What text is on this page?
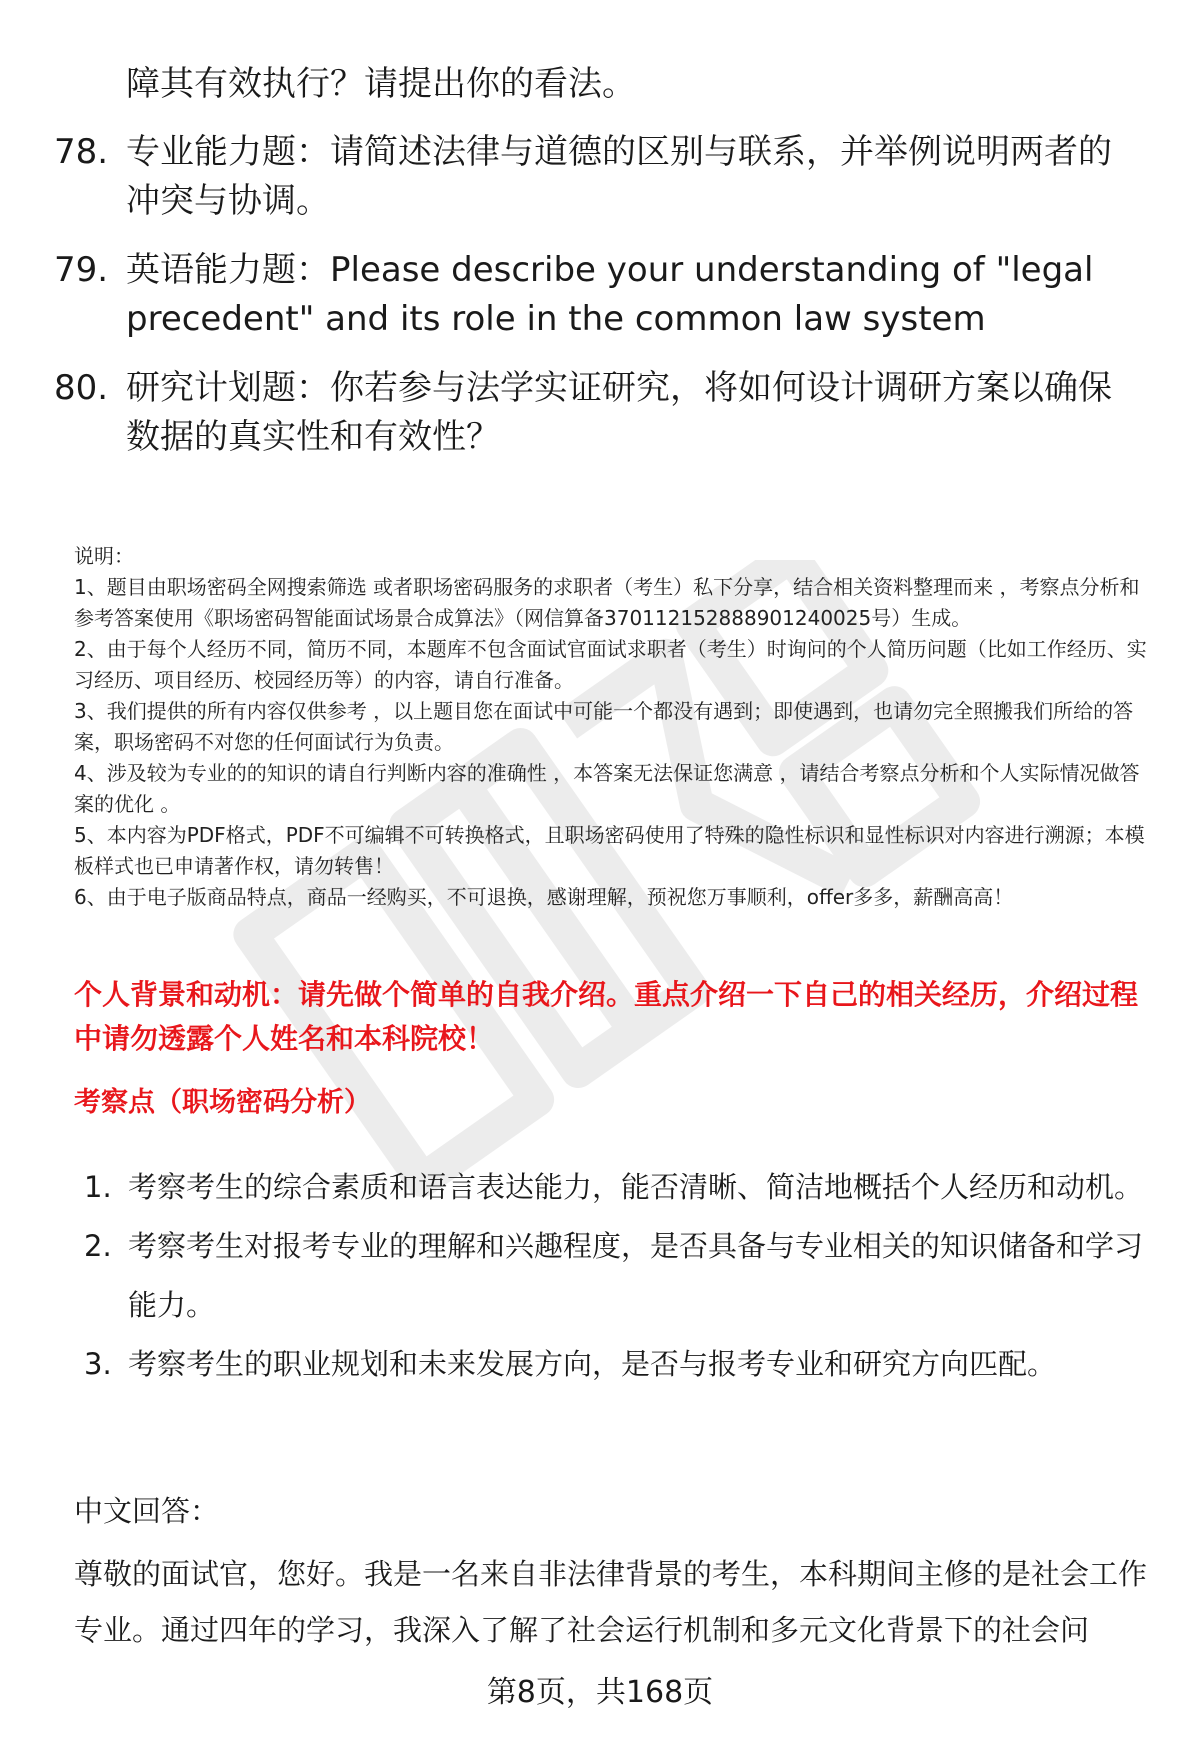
障其有效执行？请提出你的看法。
78. 专业能力题：请简述法律与道德的区别与联系，并举例说明两者的冲突与协调。
79. 英语能力题：Please describe your understanding of "legal precedent" and its role in the common law system
80. 研究计划题：你若参与法学实证研究，将如何设计调研方案以确保数据的真实性和有效性？
说明：
1、题目由职场密码全网搜索筛选 或者职场密码服务的求职者（考生）私下分享，结合相关资料整理而来 ，考察点分析和参考答案使用《职场密码智能面试场景合成算法》（网信算备370112152888901240025号）生成。
2、由于每个人经历不同，简历不同，本题库不包含面试官面试求职者（考生）时询问的个人简历问题（比如工作经历、实习经历、项目经历、校园经历等）的内容，请自行准备。
3、我们提供的所有内容仅供参考 ，以上题目您在面试中可能一个都没有遇到；即使遇到，也请勿完全照搬我们所给的答案，职场密码不对您的任何面试行为负责。
4、涉及较为专业的的知识的请自行判断内容的准确性 ，本答案无法保证您满意 ，请结合考察点分析和个人实际情况做答案的优化 。
5、本内容为PDF格式，PDF不可编辑不可转换格式，且职场密码使用了特殊的隐性标识和显性标识对内容进行溯源；本模板样式也已申请著作权，请勿转售！
6、由于电子版商品特点，商品一经购买，不可退换，感谢理解，预祝您万事顺利，offer多多，薪酬高高！
个人背景和动机：请先做个简单的自我介绍。重点介绍一下自己的相关经历，介绍过程中请勿透露个人姓名和本科院校！
考察点（职场密码分析）
1. 考察考生的综合素质和语言表达能力，能否清晰、简洁地概括个人经历和动机。
2. 考察考生对报考专业的理解和兴趣程度，是否具备与专业相关的知识储备和学习能力。
3. 考察考生的职业规划和未来发展方向，是否与报考专业和研究方向匹配。
中文回答：
尊敬的面试官，您好。我是一名来自非法律背景的考生，本科期间主修的是社会工作专业。通过四年的学习，我深入了解了社会运行机制和多元文化背景下的社会问
第8页，共168页
